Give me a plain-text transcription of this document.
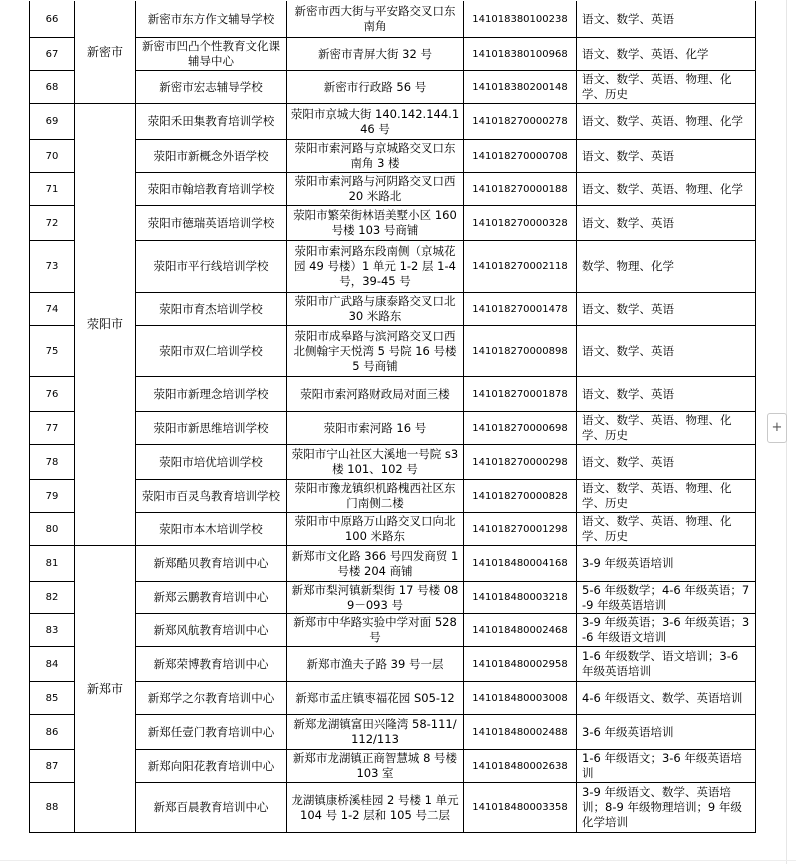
66	新密市	新密市东方作文辅导学校	新密市西大街与平安路交叉口东南角	141018380100238	语文、数学、英语
67		新密市凹凸个性教育文化课辅导中心	新密市青屏大街 32 号	141018380100968	语文、数学、英语、化学
68		新密市宏志辅导学校	新密市行政路 56 号	141018380200148	语文、数学、英语、物理、化学、历史
69	荥阳市	荥阳禾田集教育培训学校	荥阳市京城大街 140.142.144.146 号	141018270000278	语文、数学、英语、物理、化学
70		荥阳市新概念外语学校	荥阳市索河路与京城路交叉口东南角 3 楼	141018270000708	语文、数学、英语
71		荥阳市翰培教育培训学校	荥阳市索河路与河阴路交叉口西 20 米路北	141018270000188	语文、数学、英语、物理、化学
72		荥阳市德瑞英语培训学校	荥阳市繁荣街林语美墅小区 160 号楼 103 号商铺	141018270000328	语文、数学、英语
73		荥阳市平行线培训学校	荥阳市索河路东段南侧（京城花园 49 号楼）1 单元 1-2 层 1-4 号，39-45 号	141018270002118	数学、物理、化学
74		荥阳市育杰培训学校	荥阳市广武路与康泰路交叉口北 30 米路东	141018270001478	语文、数学、英语
75		荥阳市双仁培训学校	荥阳市成皋路与滨河路交叉口西北侧翰宇天悦湾 5 号院 16 号楼 5 号商铺	141018270000898	语文、数学、英语
76		荥阳市新理念培训学校	荥阳市索河路财政局对面三楼	141018270001878	语文、数学、英语
77		荥阳市新思维培训学校	荥阳市索河路 16 号	141018270000698	语文、数学、英语、物理、化学、历史
78		荥阳市培优培训学校	荥阳市宁山社区大溪地一号院 s3 楼 101、102 号	141018270000298	语文、数学、英语
79		荥阳市百灵鸟教育培训学校	荥阳市豫龙镇织机路槐西社区东门南侧二楼	141018270000828	语文、数学、英语、物理、化学、历史
80		荥阳市本木培训学校	荥阳市中原路万山路交叉口向北 100 米路东	141018270001298	语文、数学、英语、物理、化学、历史
81	新郑市	新郑酷贝教育培训中心	新郑市文化路 366 号四发商贸 1 号楼 204 商铺	141018480004168	3-9 年级英语培训
82		新郑云鹏教育培训中心	新郑市梨河镇新梨街 17 号楼 089－093 号	141018480003218	5-6 年级数学；4-6 年级英语；7-9 年级英语培训
83		新郑风航教育培训中心	新郑市中华路实验中学对面 528 号	141018480002468	3-9 年级英语；3-6 年级英语；3-6 年级语文培训
84		新郑荣博教育培训中心	新郑市渔夫子路 39 号一层	141018480002958	1-6 年级数学、语文培训；3-6 年级英语培训
85		新郑学之尔教育培训中心	新郑市孟庄镇枣福花园 S05-12	141018480003008	4-6 年级语文、数学、英语培训
86		新郑任壹门教育培训中心	新郑龙湖镇富田兴隆湾 58-111/112/113	141018480002488	3-6 年级英语培训
87		新郑向阳花教育培训中心	新郑市龙湖镇正商智慧城 8 号楼 103 室	141018480002638	1-6 年级语文；3-6 年级英语培训
88		新郑百晨教育培训中心	龙湖镇康桥溪桂园 2 号楼 1 单元 104 号 1-2 层和 105 号二层	141018480003358	3-9 年级语文、数学、英语培训；8-9 年级物理培训；9 年级化学培训
+
